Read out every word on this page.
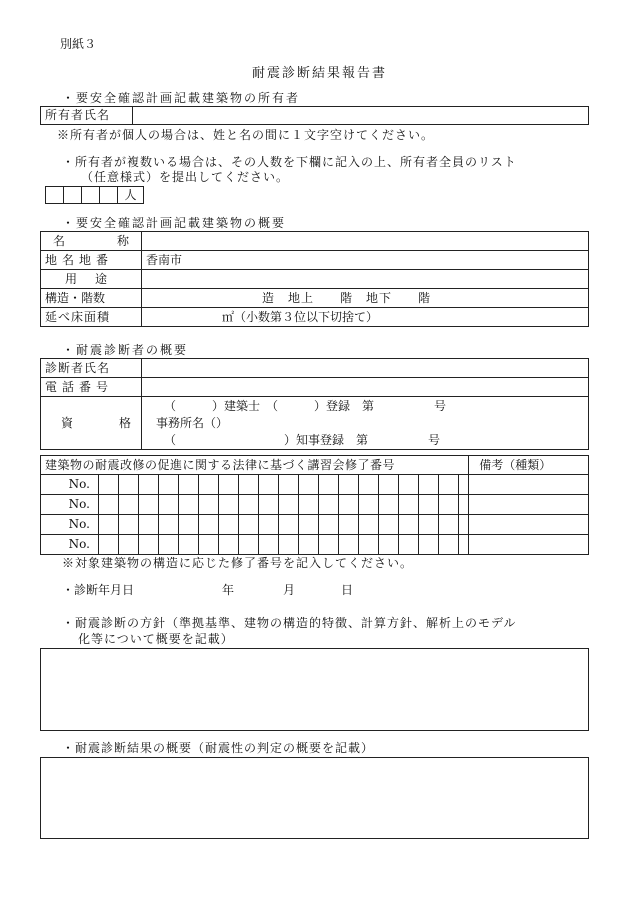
別紙３
耐震診断結果報告書
・要安全確認計画記載建築物の所有者
所有者氏名	
※所有者が個人の場合は、姓と名の間に１文字空けてください。
・所有者が複数いる場合は、その人数を下欄に記入の上、所有者全員のリスト
（任意様式）を提出してください。
				人
・要安全確認計画記載建築物の概要
名 称	

地名地番	香南市

用 途	

構造・階数	造　地上　　階　地下　　階
延べ床面積	㎡（小数第３位以下切捨て）
・耐震診断者の概要
診断者氏名	
電話番号	

資 格	（　　　）建築士　（　　　）登録　第　　　　　号
事務所名（）
（　　　　　　　　　）知事登録　第　　　　　号
建築物の耐震改修の促進に関する法律に基づく講習会修了番号																				備考（種類）
No.																				
No.																				
No.																				
No.																				
※対象建築物の構造に応じた修了番号を記入してください。
・診断年月日	年	月	日
・耐震診断の方針（準拠基準、建物の構造的特徴、計算方針、解析上のモデル
化等について概要を記載）
・耐震診断結果の概要（耐震性の判定の概要を記載）
